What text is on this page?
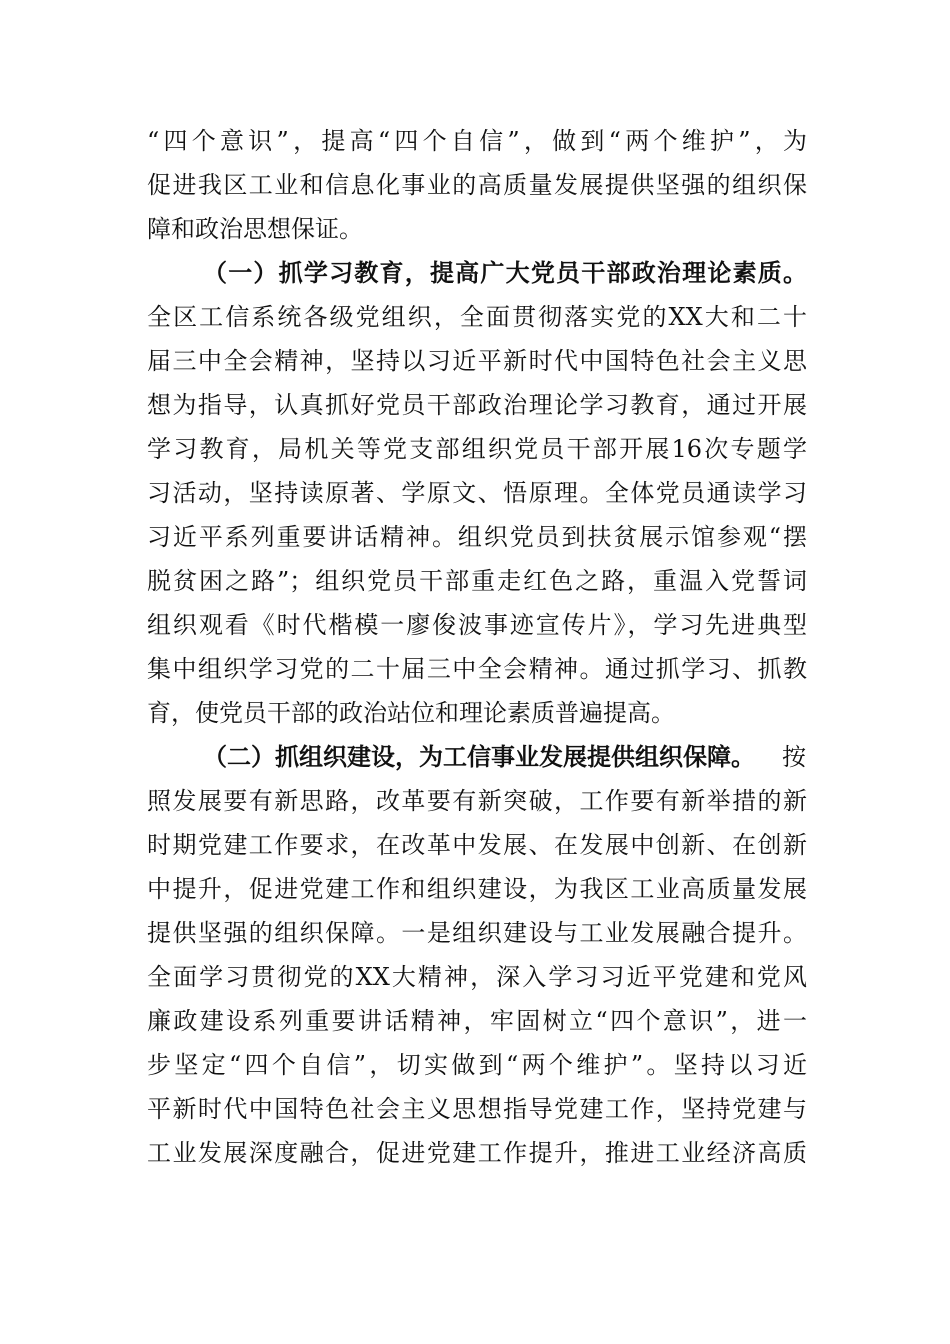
“四个意识”，提高“四个自信”，做到“两个维护”，为
促进我区工业和信息化事业的高质量发展提供坚强的组织保
障和政治思想保证。
（一）抓学习教育，提高广大党员干部政治理论素质。
全区工信系统各级党组织，全面贯彻落实党的XX大和二十
届三中全会精神，坚持以习近平新时代中国特色社会主义思
想为指导，认真抓好党员干部政治理论学习教育，通过开展
学习教育，局机关等党支部组织党员干部开展16次专题学
习活动，坚持读原著、学原文、悟原理。全体党员通读学习
习近平系列重要讲话精神。组织党员到扶贫展示馆参观“摆
脱贫困之路”；组织党员干部重走红色之路，重温入党誓词
组织观看《时代楷模一廖俊波事迹宣传片》，学习先进典型
集中组织学习党的二十届三中全会精神。通过抓学习、抓教
育，使党员干部的政治站位和理论素质普遍提高。
（二）抓组织建设，为工信事业发展提供组织保障。	按
照发展要有新思路，改革要有新突破，工作要有新举措的新
时期党建工作要求，在改革中发展、在发展中创新、在创新
中提升，促进党建工作和组织建设，为我区工业高质量发展
提供坚强的组织保障。一是组织建设与工业发展融合提升。
全面学习贯彻党的XX大精神，深入学习习近平党建和党风
廉政建设系列重要讲话精神，牢固树立“四个意识”，进一
步坚定“四个自信”，切实做到“两个维护”。坚持以习近
平新时代中国特色社会主义思想指导党建工作，坚持党建与
工业发展深度融合，促进党建工作提升，推进工业经济高质
